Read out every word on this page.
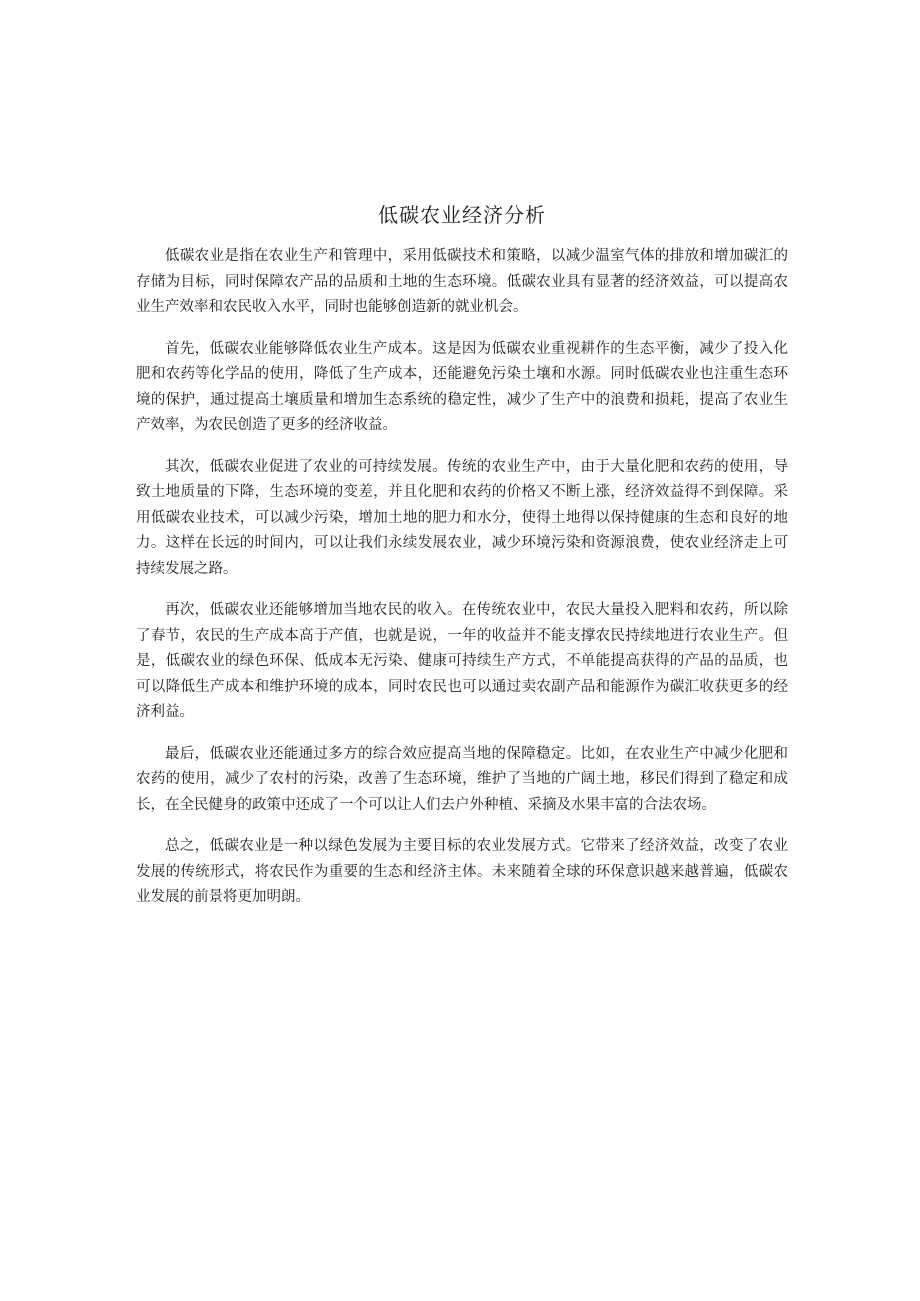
低碳农业经济分析

低碳农业是指在农业生产和管理中，采用低碳技术和策略，以减少温室气体的排放和增加碳汇的存储为目标，同时保障农产品的品质和土地的生态环境。低碳农业具有显著的经济效益，可以提高农业生产效率和农民收入水平，同时也能够创造新的就业机会。

首先，低碳农业能够降低农业生产成本。这是因为低碳农业重视耕作的生态平衡，减少了投入化肥和农药等化学品的使用，降低了生产成本，还能避免污染土壤和水源。同时低碳农业也注重生态环境的保护，通过提高土壤质量和增加生态系统的稳定性，减少了生产中的浪费和损耗，提高了农业生产效率，为农民创造了更多的经济收益。

其次，低碳农业促进了农业的可持续发展。传统的农业生产中，由于大量化肥和农药的使用，导致土地质量的下降，生态环境的变差，并且化肥和农药的价格又不断上涨，经济效益得不到保障。采用低碳农业技术，可以减少污染，增加土地的肥力和水分，使得土地得以保持健康的生态和良好的地力。这样在长远的时间内，可以让我们永续发展农业，减少环境污染和资源浪费，使农业经济走上可持续发展之路。

再次，低碳农业还能够增加当地农民的收入。在传统农业中，农民大量投入肥料和农药，所以除了春节，农民的生产成本高于产值，也就是说，一年的收益并不能支撑农民持续地进行农业生产。但是，低碳农业的绿色环保、低成本无污染、健康可持续生产方式，不单能提高获得的产品的品质，也可以降低生产成本和维护环境的成本，同时农民也可以通过卖农副产品和能源作为碳汇收获更多的经济利益。

最后，低碳农业还能通过多方的综合效应提高当地的保障稳定。比如，在农业生产中减少化肥和农药的使用，减少了农村的污染，改善了生态环境，维护了当地的广阔土地，移民们得到了稳定和成长，在全民健身的政策中还成了一个可以让人们去户外种植、采摘及水果丰富的合法农场。

总之，低碳农业是一种以绿色发展为主要目标的农业发展方式。它带来了经济效益，改变了农业发展的传统形式，将农民作为重要的生态和经济主体。未来随着全球的环保意识越来越普遍，低碳农业发展的前景将更加明朗。
